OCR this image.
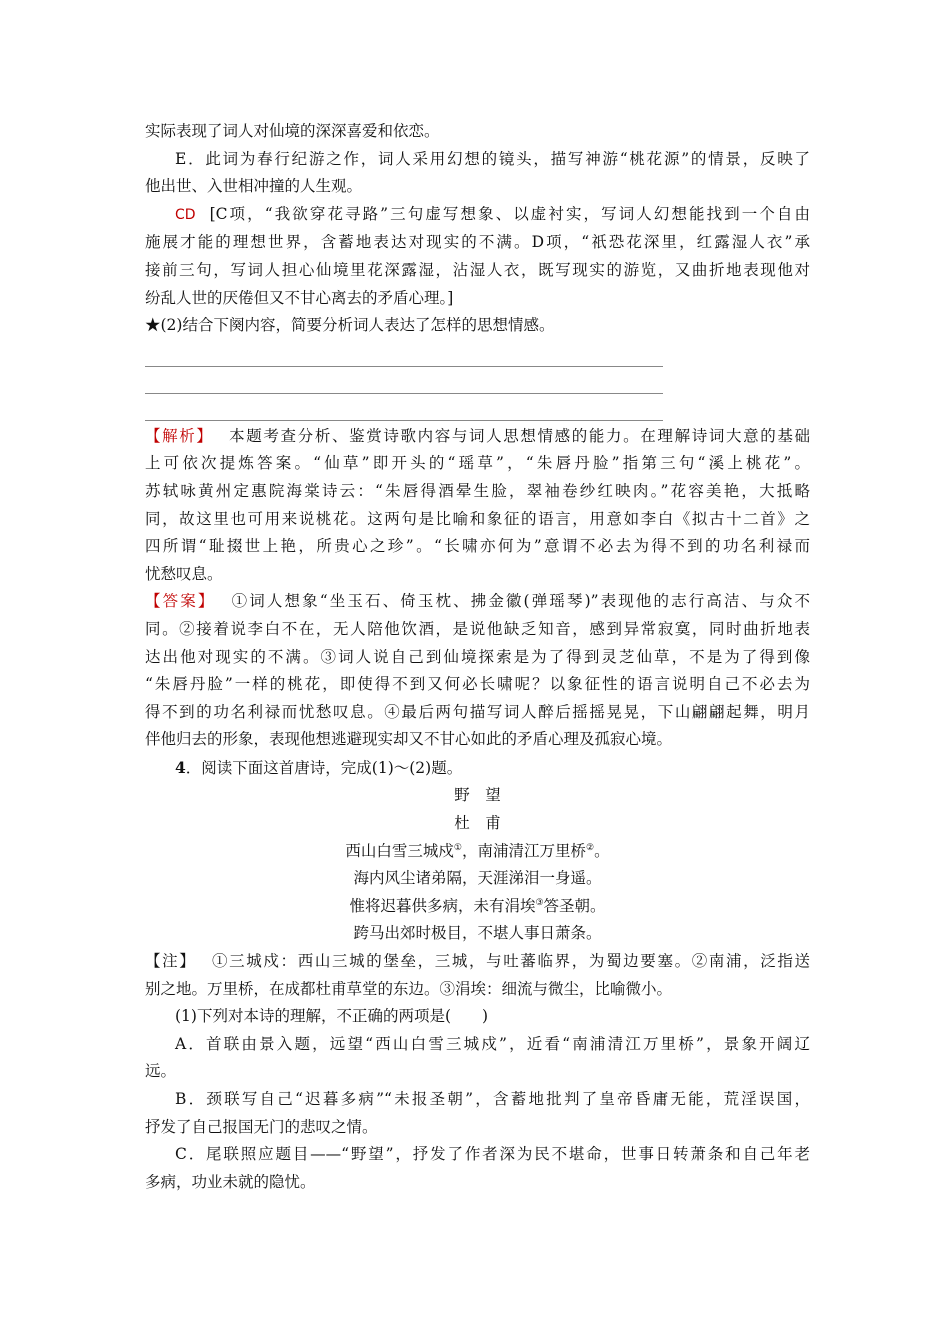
实际表现了词人对仙境的深深喜爱和依恋。
E．此词为春行纪游之作，词人采用幻想的镜头，描写神游“桃花源”的情景，反映了
他出世、入世相冲撞的人生观。
CD [C项，“我欲穿花寻路”三句虚写想象、以虚衬实，写词人幻想能找到一个自由
施展才能的理想世界，含蓄地表达对现实的不满。D项，“祇恐花深里，红露湿人衣”承
接前三句，写词人担心仙境里花深露湿，沾湿人衣，既写现实的游览，又曲折地表现他对
纷乱人世的厌倦但又不甘心离去的矛盾心理。]
★(2)结合下阕内容，简要分析词人表达了怎样的思想情感。
【解析】 本题考查分析、鉴赏诗歌内容与词人思想情感的能力。在理解诗词大意的基础
上可依次提炼答案。“仙草”即开头的“瑶草”，“朱唇丹脸”指第三句“溪上桃花”。
苏轼咏黄州定惠院海棠诗云：“朱唇得酒晕生脸，翠袖卷纱红映肉。”花容美艳，大抵略
同，故这里也可用来说桃花。这两句是比喻和象征的语言，用意如李白《拟古十二首》之
四所谓“耻掇世上艳，所贵心之珍”。“长啸亦何为”意谓不必去为得不到的功名利禄而
忧愁叹息。
【答案】 ①词人想象“坐玉石、倚玉枕、拂金徽(弹瑶琴)”表现他的志行高洁、与众不
同。②接着说李白不在，无人陪他饮酒，是说他缺乏知音，感到异常寂寞，同时曲折地表
达出他对现实的不满。③词人说自己到仙境探索是为了得到灵芝仙草，不是为了得到像
“朱唇丹脸”一样的桃花，即使得不到又何必长啸呢？以象征性的语言说明自己不必去为
得不到的功名利禄而忧愁叹息。④最后两句描写词人醉后摇摇晃晃，下山翩翩起舞，明月
伴他归去的形象，表现他想逃避现实却又不甘心如此的矛盾心理及孤寂心境。
4．阅读下面这首唐诗，完成(1)～(2)题。
野　望
杜　甫
西山白雪三城戍①，南浦清江万里桥②。
海内风尘诸弟隔，天涯涕泪一身遥。
惟将迟暮供多病，未有涓埃③答圣朝。
跨马出郊时极目，不堪人事日萧条。
【注】 ①三城戍：西山三城的堡垒，三城，与吐蕃临界，为蜀边要塞。②南浦，泛指送
别之地。万里桥，在成都杜甫草堂的东边。③涓埃：细流与微尘，比喻微小。
(1)下列对本诗的理解，不正确的两项是(　　)
A．首联由景入题，远望“西山白雪三城戍”，近看“南浦清江万里桥”，景象开阔辽
远。
B．颈联写自己“迟暮多病”“未报圣朝”，含蓄地批判了皇帝昏庸无能，荒淫误国，
抒发了自己报国无门的悲叹之情。
C．尾联照应题目——“野望”，抒发了作者深为民不堪命，世事日转萧条和自己年老
多病，功业未就的隐忧。
